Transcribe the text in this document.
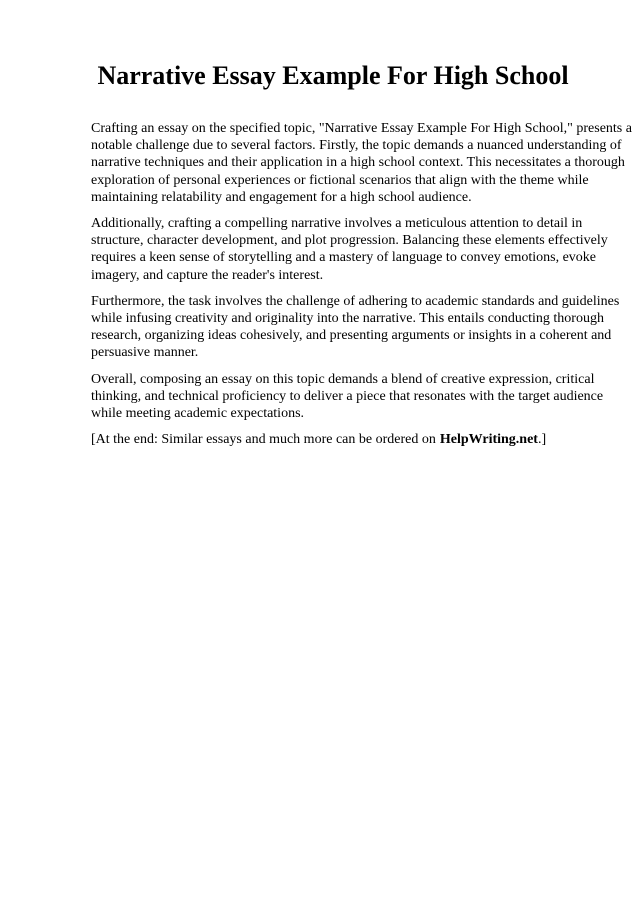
Narrative Essay Example For High School

Crafting an essay on the specified topic, "Narrative Essay Example For High School," presents a
notable challenge due to several factors. Firstly, the topic demands a nuanced understanding of
narrative techniques and their application in a high school context. This necessitates a thorough
exploration of personal experiences or fictional scenarios that align with the theme while
maintaining relatability and engagement for a high school audience.

Additionally, crafting a compelling narrative involves a meticulous attention to detail in
structure, character development, and plot progression. Balancing these elements effectively
requires a keen sense of storytelling and a mastery of language to convey emotions, evoke
imagery, and capture the reader's interest.

Furthermore, the task involves the challenge of adhering to academic standards and guidelines
while infusing creativity and originality into the narrative. This entails conducting thorough
research, organizing ideas cohesively, and presenting arguments or insights in a coherent and
persuasive manner.

Overall, composing an essay on this topic demands a blend of creative expression, critical
thinking, and technical proficiency to deliver a piece that resonates with the target audience
while meeting academic expectations.

[At the end: Similar essays and much more can be ordered on HelpWriting.net.]
